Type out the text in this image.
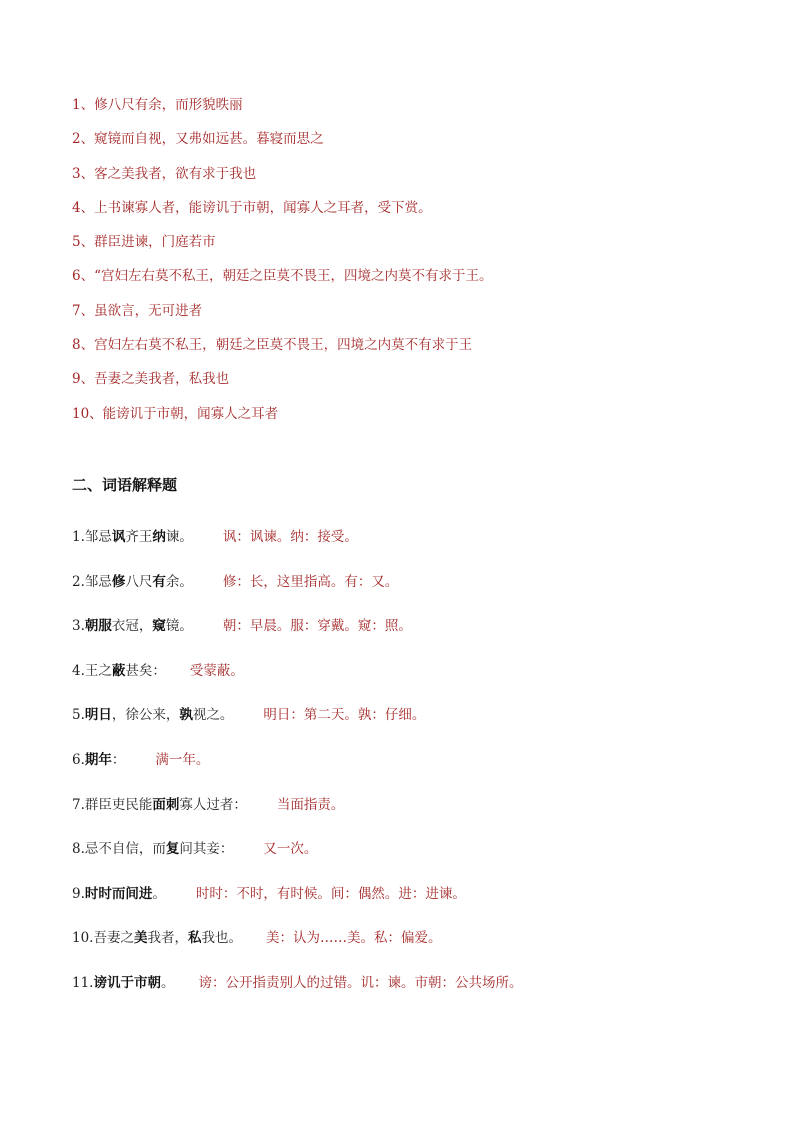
1、修八尺有余，而形貌昳丽
2、窥镜而自视，又弗如远甚。暮寝而思之
3、客之美我者，欲有求于我也
4、上书谏寡人者，能谤讥于市朝，闻寡人之耳者，受下赏。
5、群臣进谏，门庭若市
6、“宫妇左右莫不私王，朝廷之臣莫不畏王，四境之内莫不有求于王。
7、虽欲言，无可进者
8、宫妇左右莫不私王，朝廷之臣莫不畏王，四境之内莫不有求于王
9、吾妻之美我者，私我也
10、能谤讥于市朝，闻寡人之耳者
二、词语解释题
1.邹忌讽齐王纳谏。 讽：讽谏。纳：接受。
2.邹忌修八尺有余。 修：长，这里指高。有：又。
3.朝服衣冠，窥镜。 朝：早晨。服：穿戴。窥：照。
4.王之蔽甚矣： 受蒙蔽。
5.明日，徐公来，孰视之。 明日：第二天。孰：仔细。
6.期年： 满一年。
7.群臣吏民能面刺寡人过者： 当面指责。
8.忌不自信，而复问其妾： 又一次。
9.时时而间进。 时时：不时，有时候。间：偶然。进：进谏。
10.吾妻之美我者，私我也。 美：认为……美。私：偏爱。
11.谤讥于市朝。 谤：公开指责别人的过错。讥：谏。市朝：公共场所。
